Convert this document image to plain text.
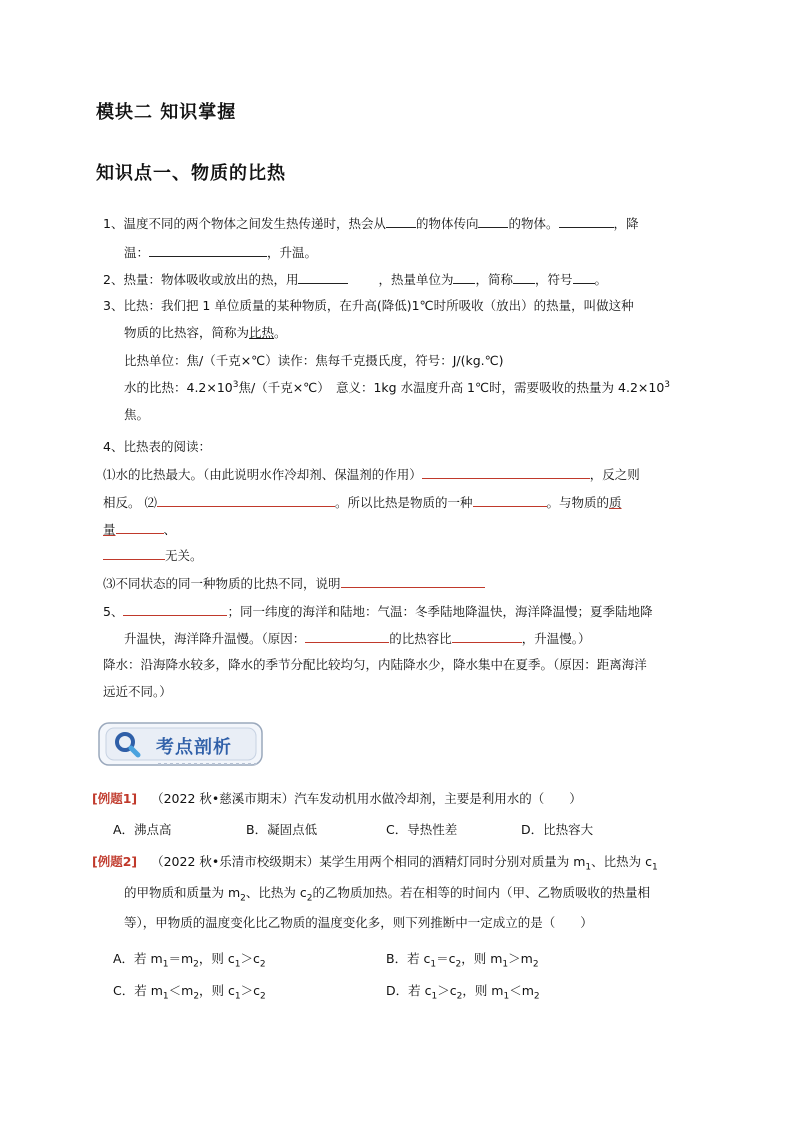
模块二 知识掌握
知识点一、物质的比热
1、温度不同的两个物体之间发生热传递时，热会从 的物体传向 的物体。	，降
温：	，升温。
2、热量：物体吸收或放出的热，用	，热量单位为 ，简称 ，符号 。
3、比热：我们把 1 单位质量的某种物质，在升高(降低)1℃时所吸收（放出）的热量，叫做这种
物质的比热容，简称为比热。
比热单位：焦/（千克×℃）读作：焦每千克摄氏度，符号：J/(kg.℃)
水的比热：$4.2\times 10^3$焦/（千克×℃）　意义：1kg 水温度升高 1℃时，需要吸收的热量为 $4.2\times 10^3$
焦。
4、比热表的阅读：
⑴水的比热最大。（由此说明水作冷却剂、保温剂的作用）	，反之则
相反。 ⑵	。所以比热是物质的一种	。与物质的质
量	、
无关。
⑶不同状态的同一种物质的比热不同，说明
5、	；同一纬度的海洋和陆地：气温：冬季陆地降温快，海洋降温慢；夏季陆地降
升温快，海洋降升温慢。（原因：	的比热容比	，升温慢。）
降水：沿海降水较多，降水的季节分配比较均匀，内陆降水少，降水集中在夏季。（原因：距离海洋
远近不同。）
考点剖析
[例题1] （2022 秋•慈溪市期末）汽车发动机用水做冷却剂，主要是利用水的（　　）
A．沸点高	B．凝固点低	C．导热性差	D．比热容大
[例题2] （2022 秋•乐清市校级期末）某学生用两个相同的酒精灯同时分别对质量为 $m_1$、比热为 $c_1$
的甲物质和质量为 $m_2$、比热为 $c_2$的乙物质加热。若在相等的时间内（甲、乙物质吸收的热量相
等），甲物质的温度变化比乙物质的温度变化多，则下列推断中一定成立的是（　　）
A．若 $m_1=m_2$，则 $c_1>c_2$	B．若 $c_1=c_2$，则 $m_1>m_2$
C．若 $m_1<m_2$，则 $c_1>c_2$	D．若 $c_1>c_2$，则 $m_1<m_2$
